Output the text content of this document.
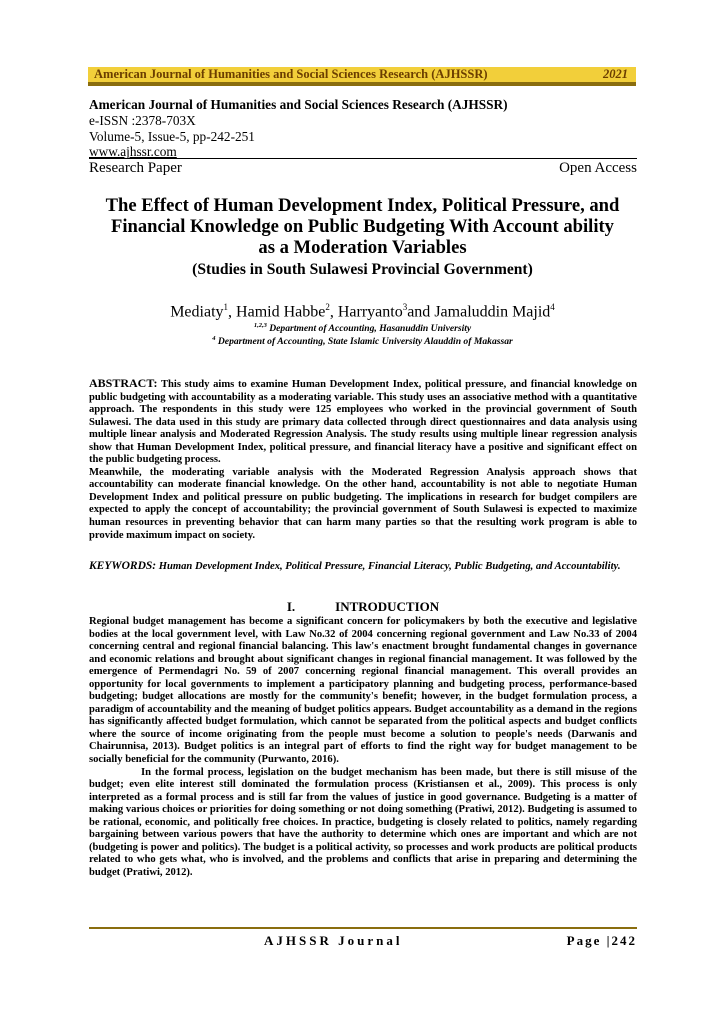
American Journal of Humanities and Social Sciences Research (AJHSSR)	2021
American Journal of Humanities and Social Sciences Research (AJHSSR)
e-ISSN :2378-703X
Volume-5, Issue-5, pp-242-251
www.ajhssr.com
Research Paper	Open Access
The Effect of Human Development Index, Political Pressure, and
Financial Knowledge on Public Budgeting With Account ability
as a Moderation Variables
(Studies in South Sulawesi Provincial Government)
Mediaty$^1$, Hamid Habbe$^2$, Harryanto$^3$and Jamaluddin Majid$^4$
$^{1,2,3}$ Department of Accounting, Hasanuddin University
$^4$ Department of Accounting, State Islamic University Alauddin of Makassar

ABSTRACT: This study aims to examine Human Development Index, political pressure, and financial knowledge on public budgeting with accountability as a moderating variable. This study uses an associative method with a quantitative approach. The respondents in this study were 125 employees who worked in the provincial government of South Sulawesi. The data used in this study are primary data collected through direct questionnaires and data analysis using multiple linear analysis and Moderated Regression Analysis. The study results using multiple linear regression analysis show that Human Development Index, political pressure, and financial literacy have a positive and significant effect on the public budgeting process.

Meanwhile, the moderating variable analysis with the Moderated Regression Analysis approach shows that accountability can moderate financial knowledge. On the other hand, accountability is not able to negotiate Human Development Index and political pressure on public budgeting. The implications in research for budget compilers are expected to apply the concept of accountability; the provincial government of South Sulawesi is expected to maximize human resources in preventing behavior that can harm many parties so that the resulting work program is able to provide maximum impact on society.

KEYWORDS: Human Development Index, Political Pressure, Financial Literacy, Public Budgeting, and Accountability.
I.	INTRODUCTION

Regional budget management has become a significant concern for policymakers by both the executive and legislative bodies at the local government level, with Law No.32 of 2004 concerning regional government and Law No.33 of 2004 concerning central and regional financial balancing. This law's enactment brought fundamental changes in governance and economic relations and brought about significant changes in regional financial management. It was followed by the emergence of Permendagri No. 59 of 2007 concerning regional financial management. This overall provides an opportunity for local governments to implement a participatory planning and budgeting process, performance-based budgeting; budget allocations are mostly for the community's benefit; however, in the budget formulation process, a paradigm of accountability and the meaning of budget politics appears. Budget accountability as a demand in the regions has significantly affected budget formulation, which cannot be separated from the political aspects and budget conflicts where the source of income originating from the people must become a solution to people's needs (Darwanis and Chairunnisa, 2013). Budget politics is an integral part of efforts to find the right way for budget management to be socially beneficial for the community (Purwanto, 2016).

In the formal process, legislation on the budget mechanism has been made, but there is still misuse of the budget; even elite interest still dominated the formulation process (Kristiansen et al., 2009). This process is only interpreted as a formal process and is still far from the values of justice in good governance. Budgeting is a matter of making various choices or priorities for doing something or not doing something (Pratiwi, 2012). Budgeting is assumed to be rational, economic, and politically free choices. In practice, budgeting is closely related to politics, namely regarding bargaining between various powers that have the authority to determine which ones are important and which are not (budgeting is power and politics). The budget is a political activity, so processes and work products are political products related to who gets what, who is involved, and the problems and conflicts that arise in preparing and determining the budget (Pratiwi, 2012).

AJHSSR Journal	Page |242
